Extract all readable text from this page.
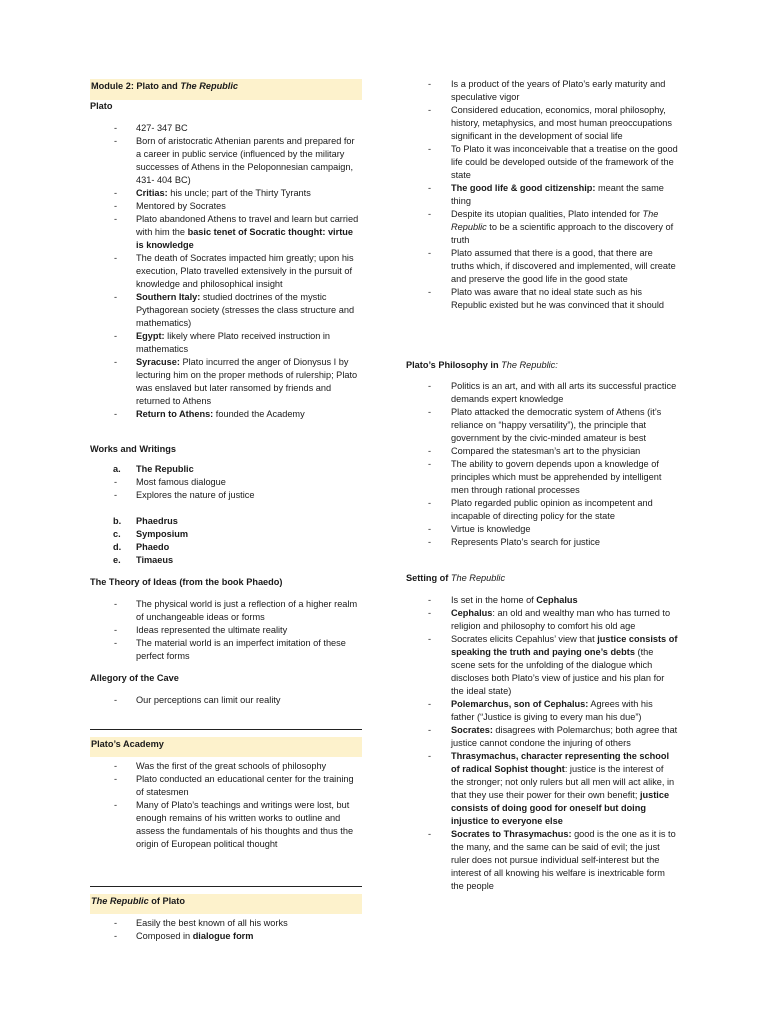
Module 2: Plato and The Republic
Plato
- 427- 347 BC
- Born of aristocratic Athenian parents and prepared for a career in public service (influenced by the military successes of Athens in the Peloponnesian campaign, 431- 404 BC)
- Critias: his uncle; part of the Thirty Tyrants
- Mentored by Socrates
- Plato abandoned Athens to travel and learn but carried with him the basic tenet of Socratic thought: virtue is knowledge
- The death of Socrates impacted him greatly; upon his execution, Plato travelled extensively in the pursuit of knowledge and philosophical insight
- Southern Italy: studied doctrines of the mystic Pythagorean society (stresses the class structure and mathematics)
- Egypt: likely where Plato received instruction in mathematics
- Syracuse: Plato incurred the anger of Dionysus I by lecturing him on the proper methods of rulership; Plato was enslaved but later ransomed by friends and returned to Athens
- Return to Athens: founded the Academy
Works and Writings
a. The Republic
- Most famous dialogue
- Explores the nature of justice
b. Phaedrus
c. Symposium
d. Phaedo
e. Timaeus
The Theory of Ideas (from the book Phaedo)
- The physical world is just a reflection of a higher realm of unchangeable ideas or forms
- Ideas represented the ultimate reality
- The material world is an imperfect imitation of these perfect forms
Allegory of the Cave
- Our perceptions can limit our reality
Plato’s Academy
- Was the first of the great schools of philosophy
- Plato conducted an educational center for the training of statesmen
- Many of Plato’s teachings and writings were lost, but enough remains of his written works to outline and assess the fundamentals of his thoughts and thus the origin of European political thought
The Republic of Plato
- Easily the best known of all his works
- Composed in dialogue form
- Is a product of the years of Plato’s early maturity and speculative vigor
- Considered education, economics, moral philosophy, history, metaphysics, and most human preoccupations significant in the development of social life
- To Plato it was inconceivable that a treatise on the good life could be developed outside of the framework of the state
- The good life & good citizenship: meant the same thing
- Despite its utopian qualities, Plato intended for The Republic to be a scientific approach to the discovery of truth
- Plato assumed that there is a good, that there are truths which, if discovered and implemented, will create and preserve the good life in the good state
- Plato was aware that no ideal state such as his Republic existed but he was convinced that it should
Plato’s Philosophy in The Republic:
- Politics is an art, and with all arts its successful practice demands expert knowledge
- Plato attacked the democratic system of Athens (it’s reliance on “happy versatility”), the principle that government by the civic-minded amateur is best
- Compared the statesman’s art to the physician
- The ability to govern depends upon a knowledge of principles which must be apprehended by intelligent men through rational processes
- Plato regarded public opinion as incompetent and incapable of directing policy for the state
- Virtue is knowledge
- Represents Plato’s search for justice
Setting of The Republic
- Is set in the home of Cephalus
- Cephalus: an old and wealthy man who has turned to religion and philosophy to comfort his old age
- Socrates elicits Cepahlus’ view that justice consists of speaking the truth and paying one’s debts (the scene sets for the unfolding of the dialogue which discloses both Plato’s view of justice and his plan for the ideal state)
- Polemarchus, son of Cephalus: Agrees with his father (“Justice is giving to every man his due”)
- Socrates: disagrees with Polemarchus; both agree that justice cannot condone the injuring of others
- Thrasymachus, character representing the school of radical Sophist thought: justice is the interest of the stronger; not only rulers but all men will act alike, in that they use their power for their own benefit; justice consists of doing good for oneself but doing injustice to everyone else
- Socrates to Thrasymachus: good is the one as it is to the many, and the same can be said of evil; the just ruler does not pursue individual self-interest but the interest of all knowing his welfare is inextricable form the people
